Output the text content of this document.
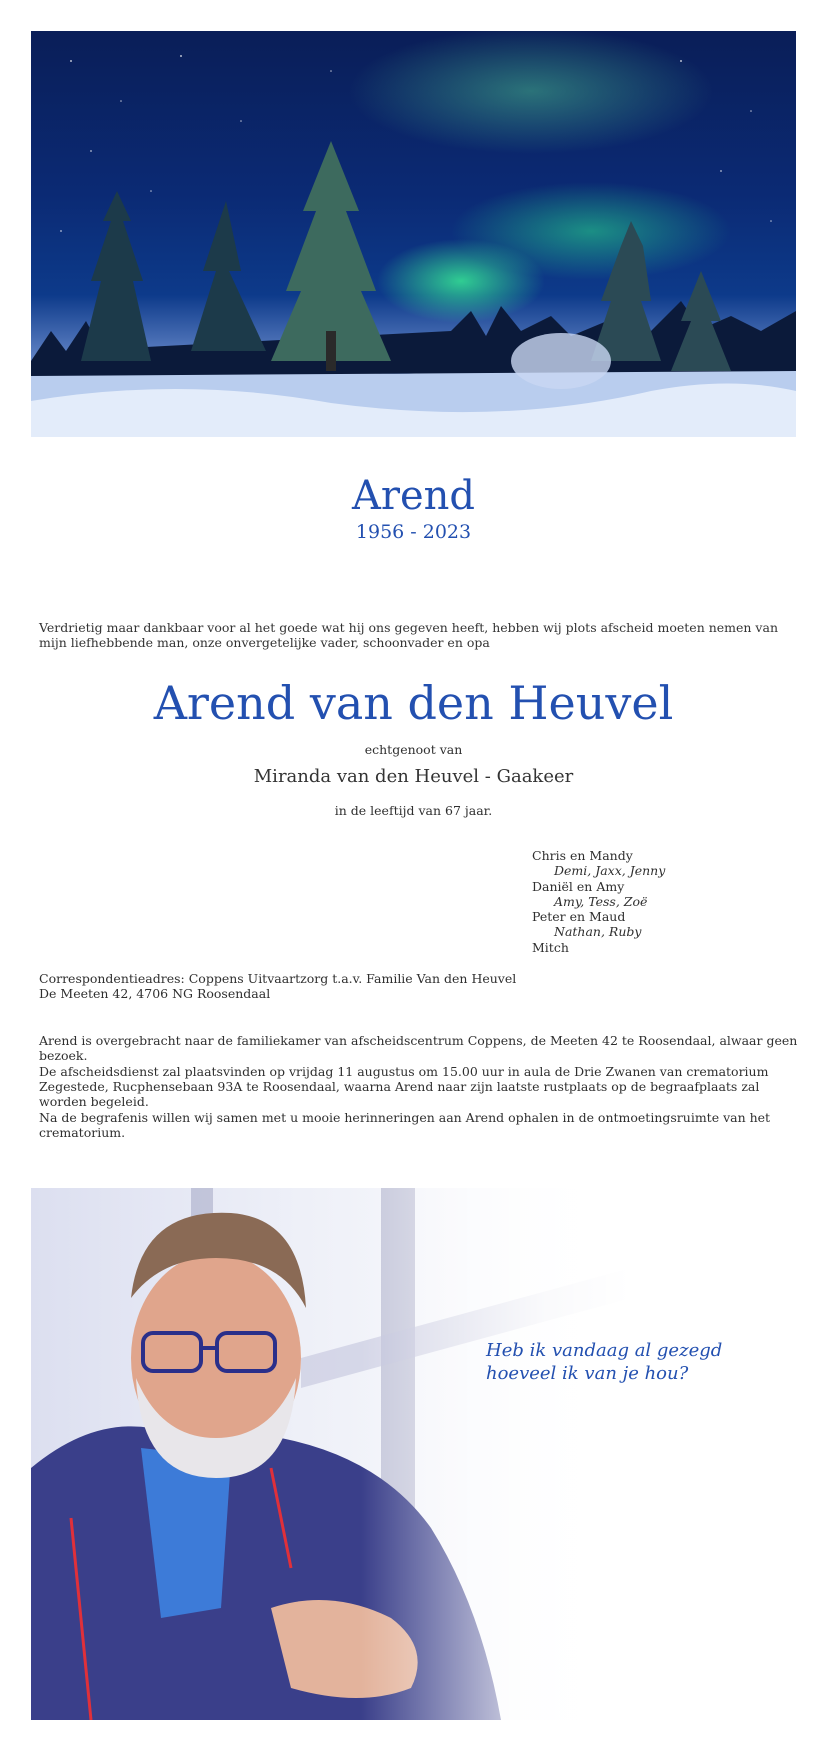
Arend
1956 - 2023
Verdrietig maar dankbaar voor al het goede wat hij ons gegeven heeft, hebben wij plots afscheid moeten nemen van mijn liefhebbende man, onze onvergetelijke vader, schoonvader en opa
Arend van den Heuvel
echtgenoot van
Miranda van den Heuvel - Gaakeer
in de leeftijd van 67 jaar.
Chris en Mandy
Demi, Jaxx, Jenny
Daniël en Amy
Amy, Tess, Zoë
Peter en Maud
Nathan, Ruby
Mitch
Correspondentieadres: Coppens Uitvaartzorg t.a.v. Familie Van den Heuvel
De Meeten 42, 4706 NG Roosendaal
Arend is overgebracht naar de familiekamer van afscheidscentrum Coppens, de Meeten 42 te Roosendaal, alwaar geen bezoek.
De afscheidsdienst zal plaatsvinden op vrijdag 11 augustus om 15.00 uur in aula de Drie Zwanen van crematorium Zegestede, Rucphensebaan 93A te Roosendaal, waarna Arend naar zijn laatste rustplaats op de begraafplaats zal worden begeleid.
Na de begrafenis willen wij samen met u mooie herinneringen aan Arend ophalen in de ontmoetingsruimte van het crematorium.
Heb ik vandaag al gezegd
hoeveel ik van je hou?
